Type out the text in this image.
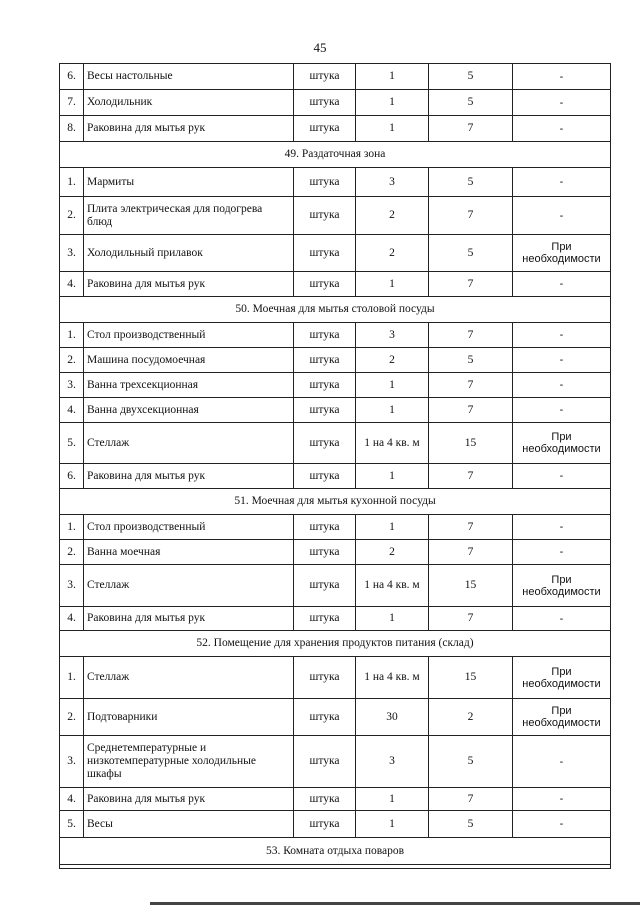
45
6.	Весы настольные	штука	1	5	-
7.	Холодильник	штука	1	5	-
8.	Раковина для мытья рук	штука	1	7	-
49. Раздаточная зона					
1.	Мармиты	штука	3	5	-
2.	Плита электрическая для подогрева блюд	штука	2	7	-
3.	Холодильный прилавок	штука	2	5	При необходимости
4.	Раковина для мытья рук	штука	1	7	-
50. Моечная для мытья столовой посуды					
1.	Стол производственный	штука	3	7	-
2.	Машина посудомоечная	штука	2	5	-
3.	Ванна трехсекционная	штука	1	7	-
4.	Ванна двухсекционная	штука	1	7	-
5.	Стеллаж	штука	1 на 4 кв. м	15	При необходимости
6.	Раковина для мытья рук	штука	1	7	-
51. Моечная для мытья кухонной посуды					
1.	Стол производственный	штука	1	7	-
2.	Ванна моечная	штука	2	7	-
3.	Стеллаж	штука	1 на 4 кв. м	15	При необходимости
4.	Раковина для мытья рук	штука	1	7	-
52. Помещение для хранения продуктов питания (склад)					
1.	Стеллаж	штука	1 на 4 кв. м	15	При необходимости
2.	Подтоварники	штука	30	2	При необходимости
3.	Среднетемпературные и низкотемпературные холодильные шкафы	штука	3	5	-
4.	Раковина для мытья рук	штука	1	7	-
5.	Весы	штука	1	5	-
53. Комната отдыха поваров					
